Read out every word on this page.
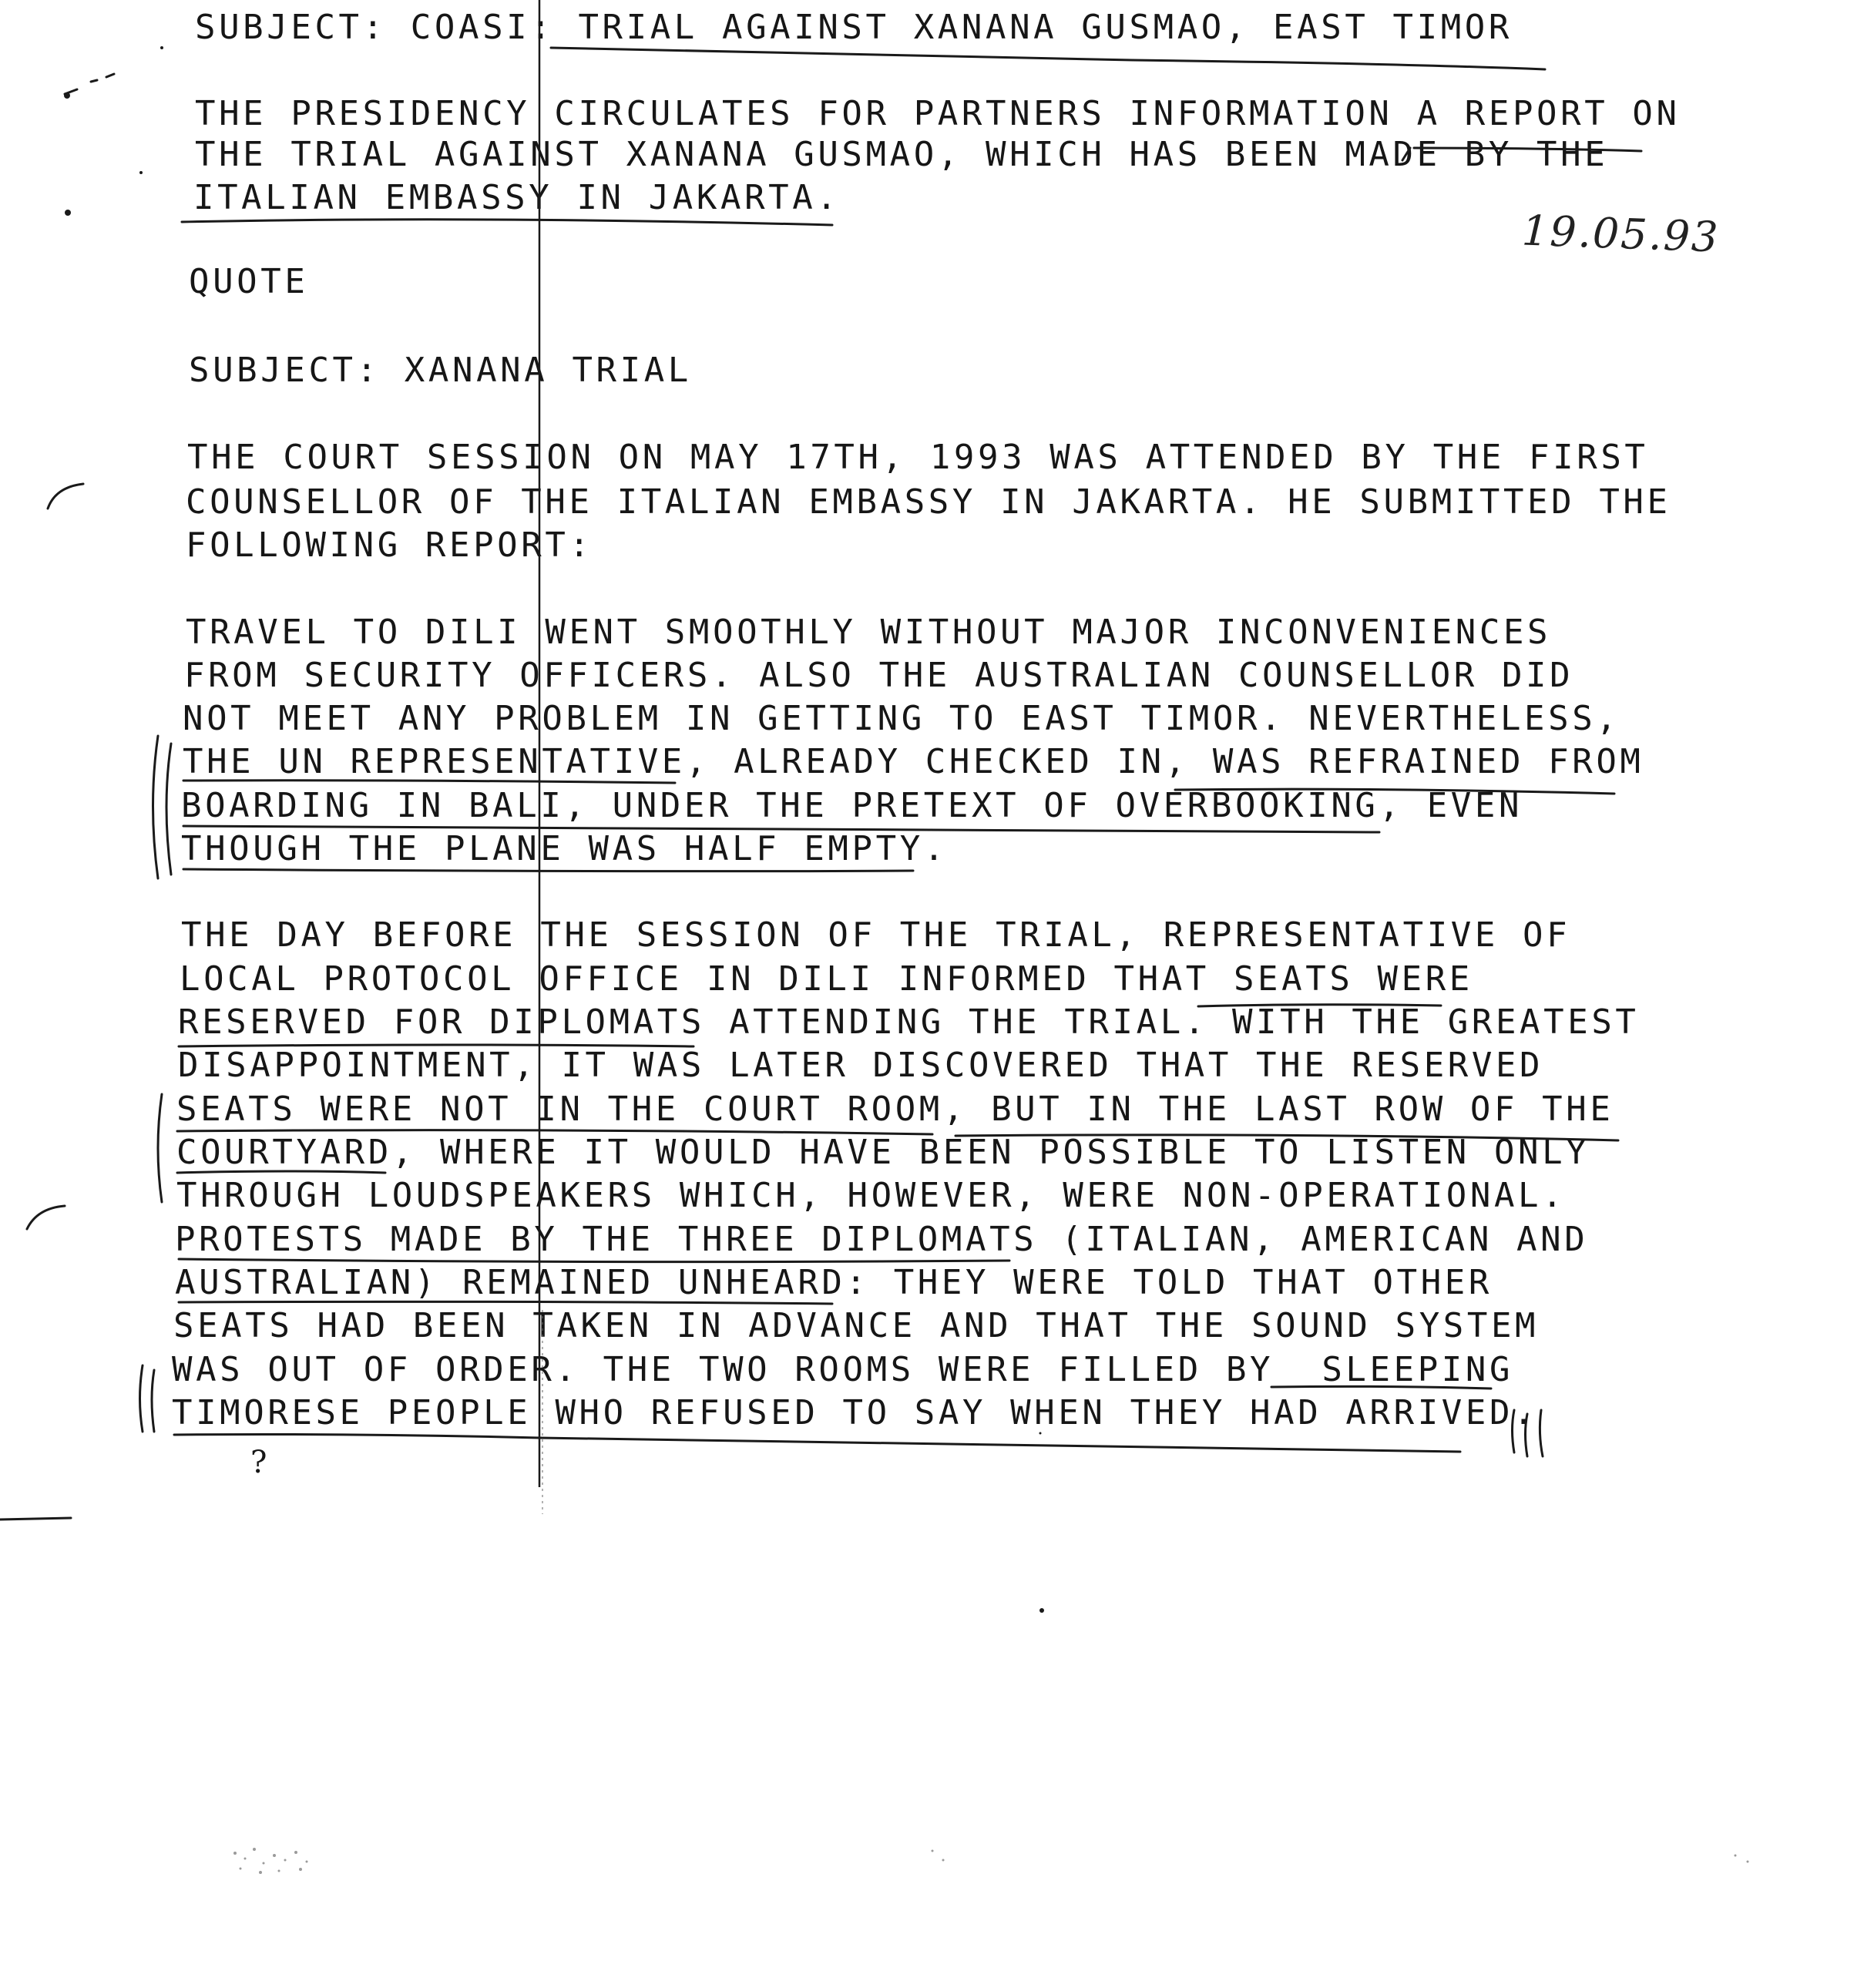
SUBJECT: COASI: TRIAL AGAINST XANANA GUSMAO, EAST TIMOR
THE PRESIDENCY CIRCULATES FOR PARTNERS INFORMATION A REPORT ON
THE TRIAL AGAINST XANANA GUSMAO, WHICH HAS BEEN MADE BY THE
ITALIAN EMBASSY IN JAKARTA.
19.05.93
QUOTE
SUBJECT: XANANA TRIAL
THE COURT SESSION ON MAY 17TH, 1993 WAS ATTENDED BY THE FIRST
COUNSELLOR OF THE ITALIAN EMBASSY IN JAKARTA. HE SUBMITTED THE
FOLLOWING REPORT:
TRAVEL TO DILI WENT SMOOTHLY WITHOUT MAJOR INCONVENIENCES
FROM SECURITY OFFICERS. ALSO THE AUSTRALIAN COUNSELLOR DID
NOT MEET ANY PROBLEM IN GETTING TO EAST TIMOR. NEVERTHELESS,
THE UN REPRESENTATIVE, ALREADY CHECKED IN, WAS REFRAINED FROM
BOARDING IN BALI, UNDER THE PRETEXT OF OVERBOOKING, EVEN
THOUGH THE PLANE WAS HALF EMPTY.
THE DAY BEFORE THE SESSION OF THE TRIAL, REPRESENTATIVE OF
LOCAL PROTOCOL OFFICE IN DILI INFORMED THAT SEATS WERE
RESERVED FOR DIPLOMATS ATTENDING THE TRIAL. WITH THE GREATEST
DISAPPOINTMENT, IT WAS LATER DISCOVERED THAT THE RESERVED
SEATS WERE NOT IN THE COURT ROOM, BUT IN THE LAST ROW OF THE
COURTYARD, WHERE IT WOULD HAVE BEEN POSSIBLE TO LISTEN ONLY
THROUGH LOUDSPEAKERS WHICH, HOWEVER, WERE NON-OPERATIONAL.
PROTESTS MADE BY THE THREE DIPLOMATS (ITALIAN, AMERICAN AND
AUSTRALIAN) REMAINED UNHEARD: THEY WERE TOLD THAT OTHER
SEATS HAD BEEN TAKEN IN ADVANCE AND THAT THE SOUND SYSTEM
WAS OUT OF ORDER. THE TWO ROOMS WERE FILLED BY  SLEEPING
TIMORESE PEOPLE WHO REFUSED TO SAY WHEN THEY HAD ARRIVED.
?
